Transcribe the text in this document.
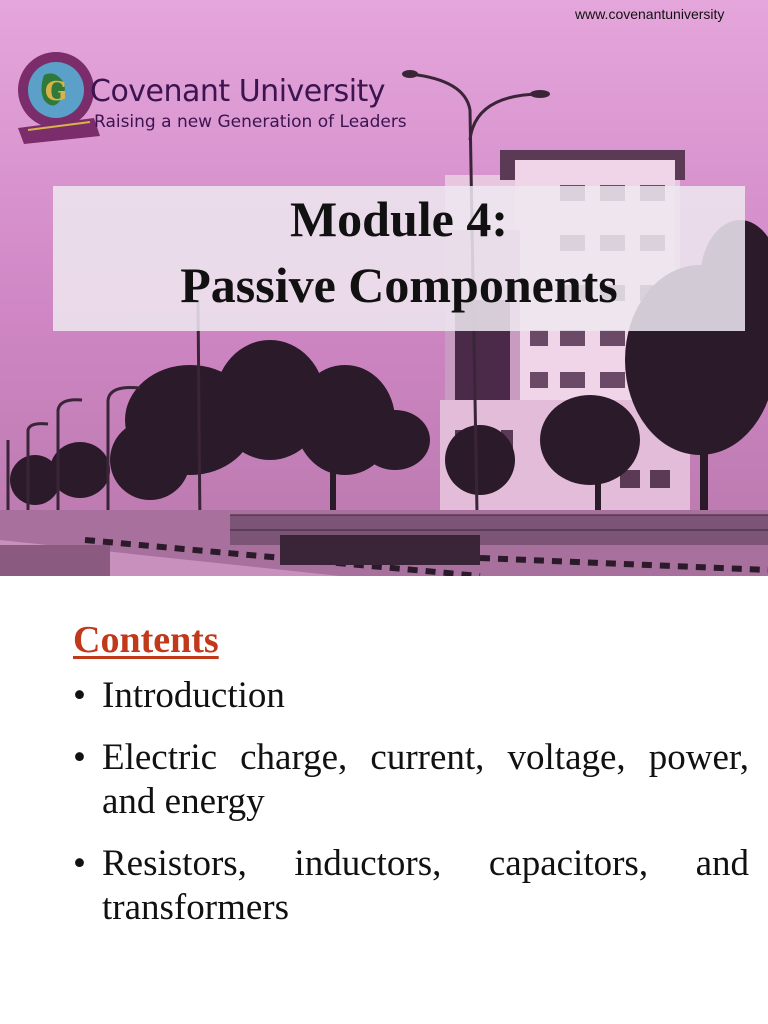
www.covenantuniversity
G Covenant University
Raising a new Generation of Leaders
Module 4:
Passive Components
Contents
• Introduction
• Electric charge, current, voltage, power, and energy
• Resistors, inductors, capacitors, and transformers
